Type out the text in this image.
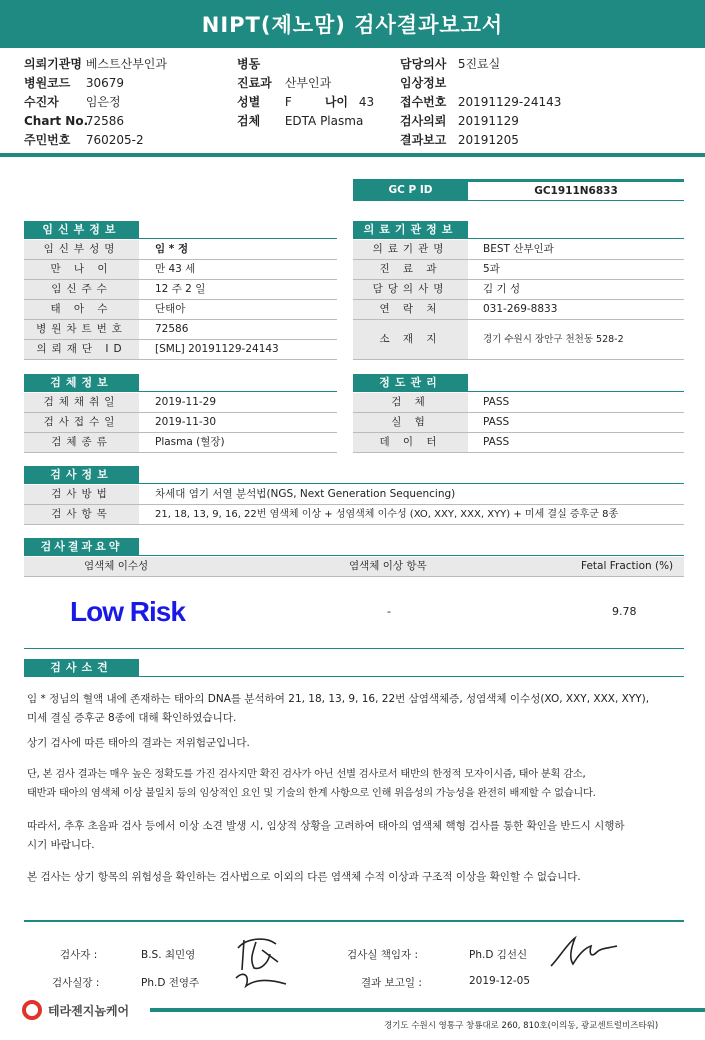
NIPT(제노맘) 검사결과보고서
의뢰기관명 베스트산부인과
병원코드 30679
수진자 임은정
Chart No. 72586
주민번호 760205-2
병동
진료과 산부인과
성별 F	나이 43
검체 EDTA Plasma
담당의사 5진료실
임상정보
접수번호 20191129-24143
검사의뢰 20191129
결과보고 20191205
GC P ID	GC1911N6833
임신부정보
임신부성명	임 * 정
만 나 이	만 43 세
임신주수	12 주 2 일
태 아 수	단태아
병원차트번호	72586
의뢰재단 ID	[SML] 20191129-24143
의료기관정보
의료기관명	BEST 산부인과
진 료 과	5과
담당의사명	김 기 성
연 락 처	031-269-8833
소 재 지	경기 수원시 장안구 천천동 528-2
검체정보
검체채취일	2019-11-29
검사접수일	2019-11-30
검체종류	Plasma (혈장)
정도관리
검 체	PASS
실 험	PASS
데 이 터	PASS
검사정보
검사방법	차세대 염기 서열 분석법(NGS, Next Generation Sequencing)
검사항목	21, 18, 13, 9, 16, 22번 염색체 이상 + 성염색체 이수성 (XO, XXY, XXX, XYY) + 미세 결실 증후군 8종
검사결과요약
염색체 이수성	염색체 이상 항목	Fetal Fraction (%)
Low Risk	-	9.78
검사소견
임 * 정님의 혈액 내에 존재하는 태아의 DNA를 분석하여 21, 18, 13, 9, 16, 22번 삼염색체증, 성염색체 이수성(XO, XXY, XXX, XYY),
미세 결실 증후군 8종에 대해 확인하였습니다.
상기 검사에 따른 태아의 결과는 저위험군입니다.
단, 본 검사 결과는 매우 높은 정확도를 가진 검사지만 확진 검사가 아닌 선별 검사로서 태반의 한정적 모자이시즘, 태아 분획 감소,
태반과 태아의 염색체 이상 불일치 등의 임상적인 요인 및 기술의 한계 사항으로 인해 위음성의 가능성을 완전히 배제할 수 없습니다.
따라서, 추후 초음파 검사 등에서 이상 소견 발생 시, 임상적 상황을 고려하여 태아의 염색체 핵형 검사를 통한 확인을 반드시 시행하
시기 바랍니다.
본 검사는 상기 항목의 위험성을 확인하는 검사법으로 이외의 다른 염색체 수적 이상과 구조적 이상을 확인할 수 없습니다.
검사자 :	B.S. 최민영
검사실장 :	Ph.D 전영주
검사실 책임자 :	Ph.D 김선신
결과 보고일 :	2019-12-05
테라젠지놈케어
경기도 수원시 영통구 창룡대로 260, 810호(이의동, 광교센트럴비즈타워)
